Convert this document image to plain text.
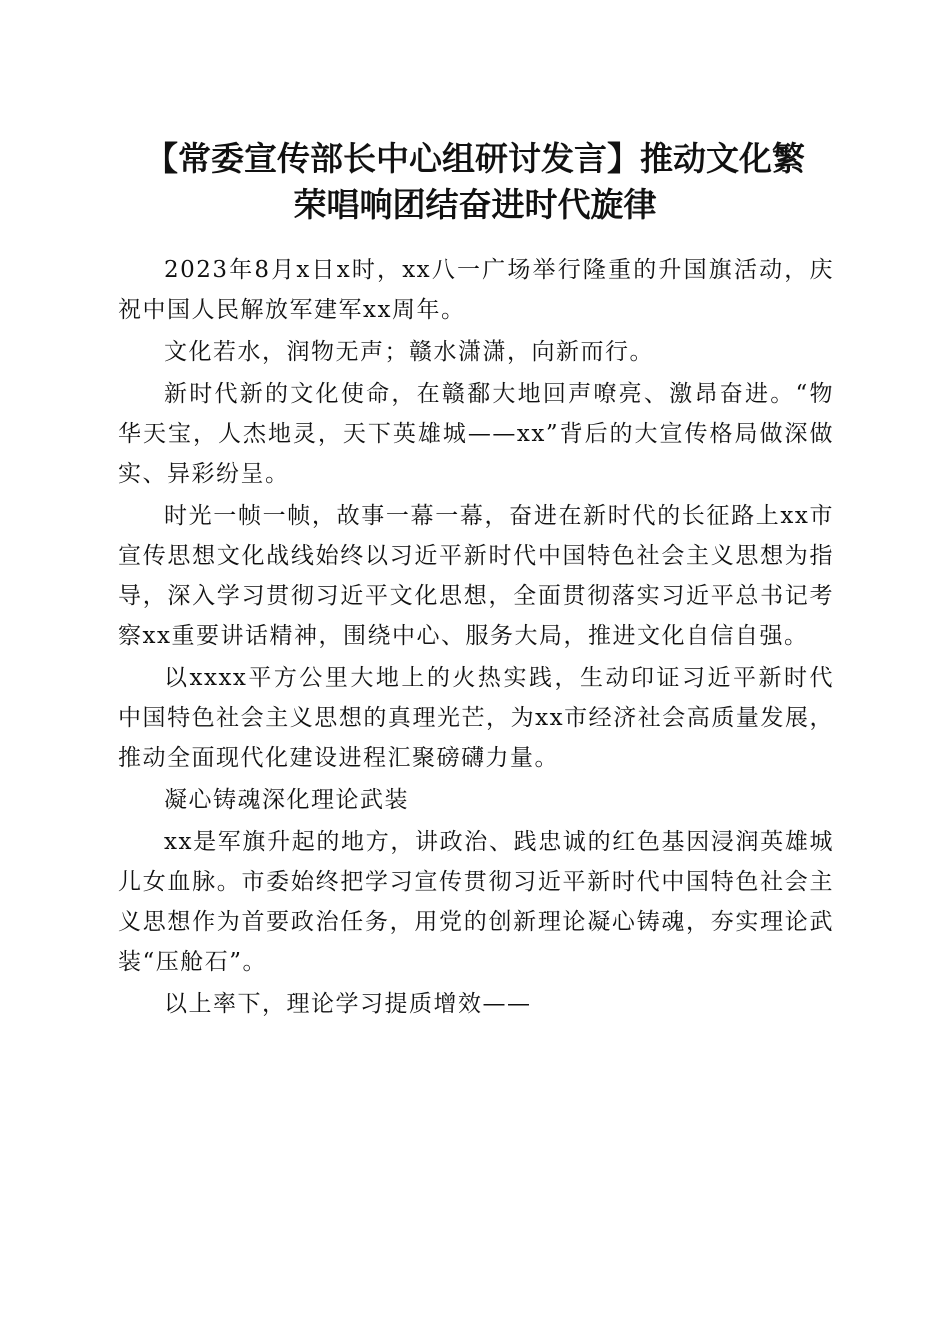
【常委宣传部长中心组研讨发言】推动文化繁
荣唱响团结奋进时代旋律

2023年8月x日x时，xx八一广场举行隆重的升国旗活动，庆祝中国人民解放军建军xx周年。

文化若水，润物无声；赣水潇潇，向新而行。

新时代新的文化使命，在赣鄱大地回声嘹亮、激昂奋进。“物华天宝，人杰地灵，天下英雄城——xx”背后的大宣传格局做深做实、异彩纷呈。

时光一帧一帧，故事一幕一幕，奋进在新时代的长征路上xx市宣传思想文化战线始终以习近平新时代中国特色社会主义思想为指导，深入学习贯彻习近平文化思想，全面贯彻落实习近平总书记考察xx重要讲话精神，围绕中心、服务大局，推进文化自信自强。

以xxxx平方公里大地上的火热实践，生动印证习近平新时代中国特色社会主义思想的真理光芒，为xx市经济社会高质量发展，推动全面现代化建设进程汇聚磅礴力量。

凝心铸魂深化理论武装

xx是军旗升起的地方，讲政治、践忠诚的红色基因浸润英雄城儿女血脉。市委始终把学习宣传贯彻习近平新时代中国特色社会主义思想作为首要政治任务，用党的创新理论凝心铸魂，夯实理论武装“压舱石”。

以上率下，理论学习提质增效——
